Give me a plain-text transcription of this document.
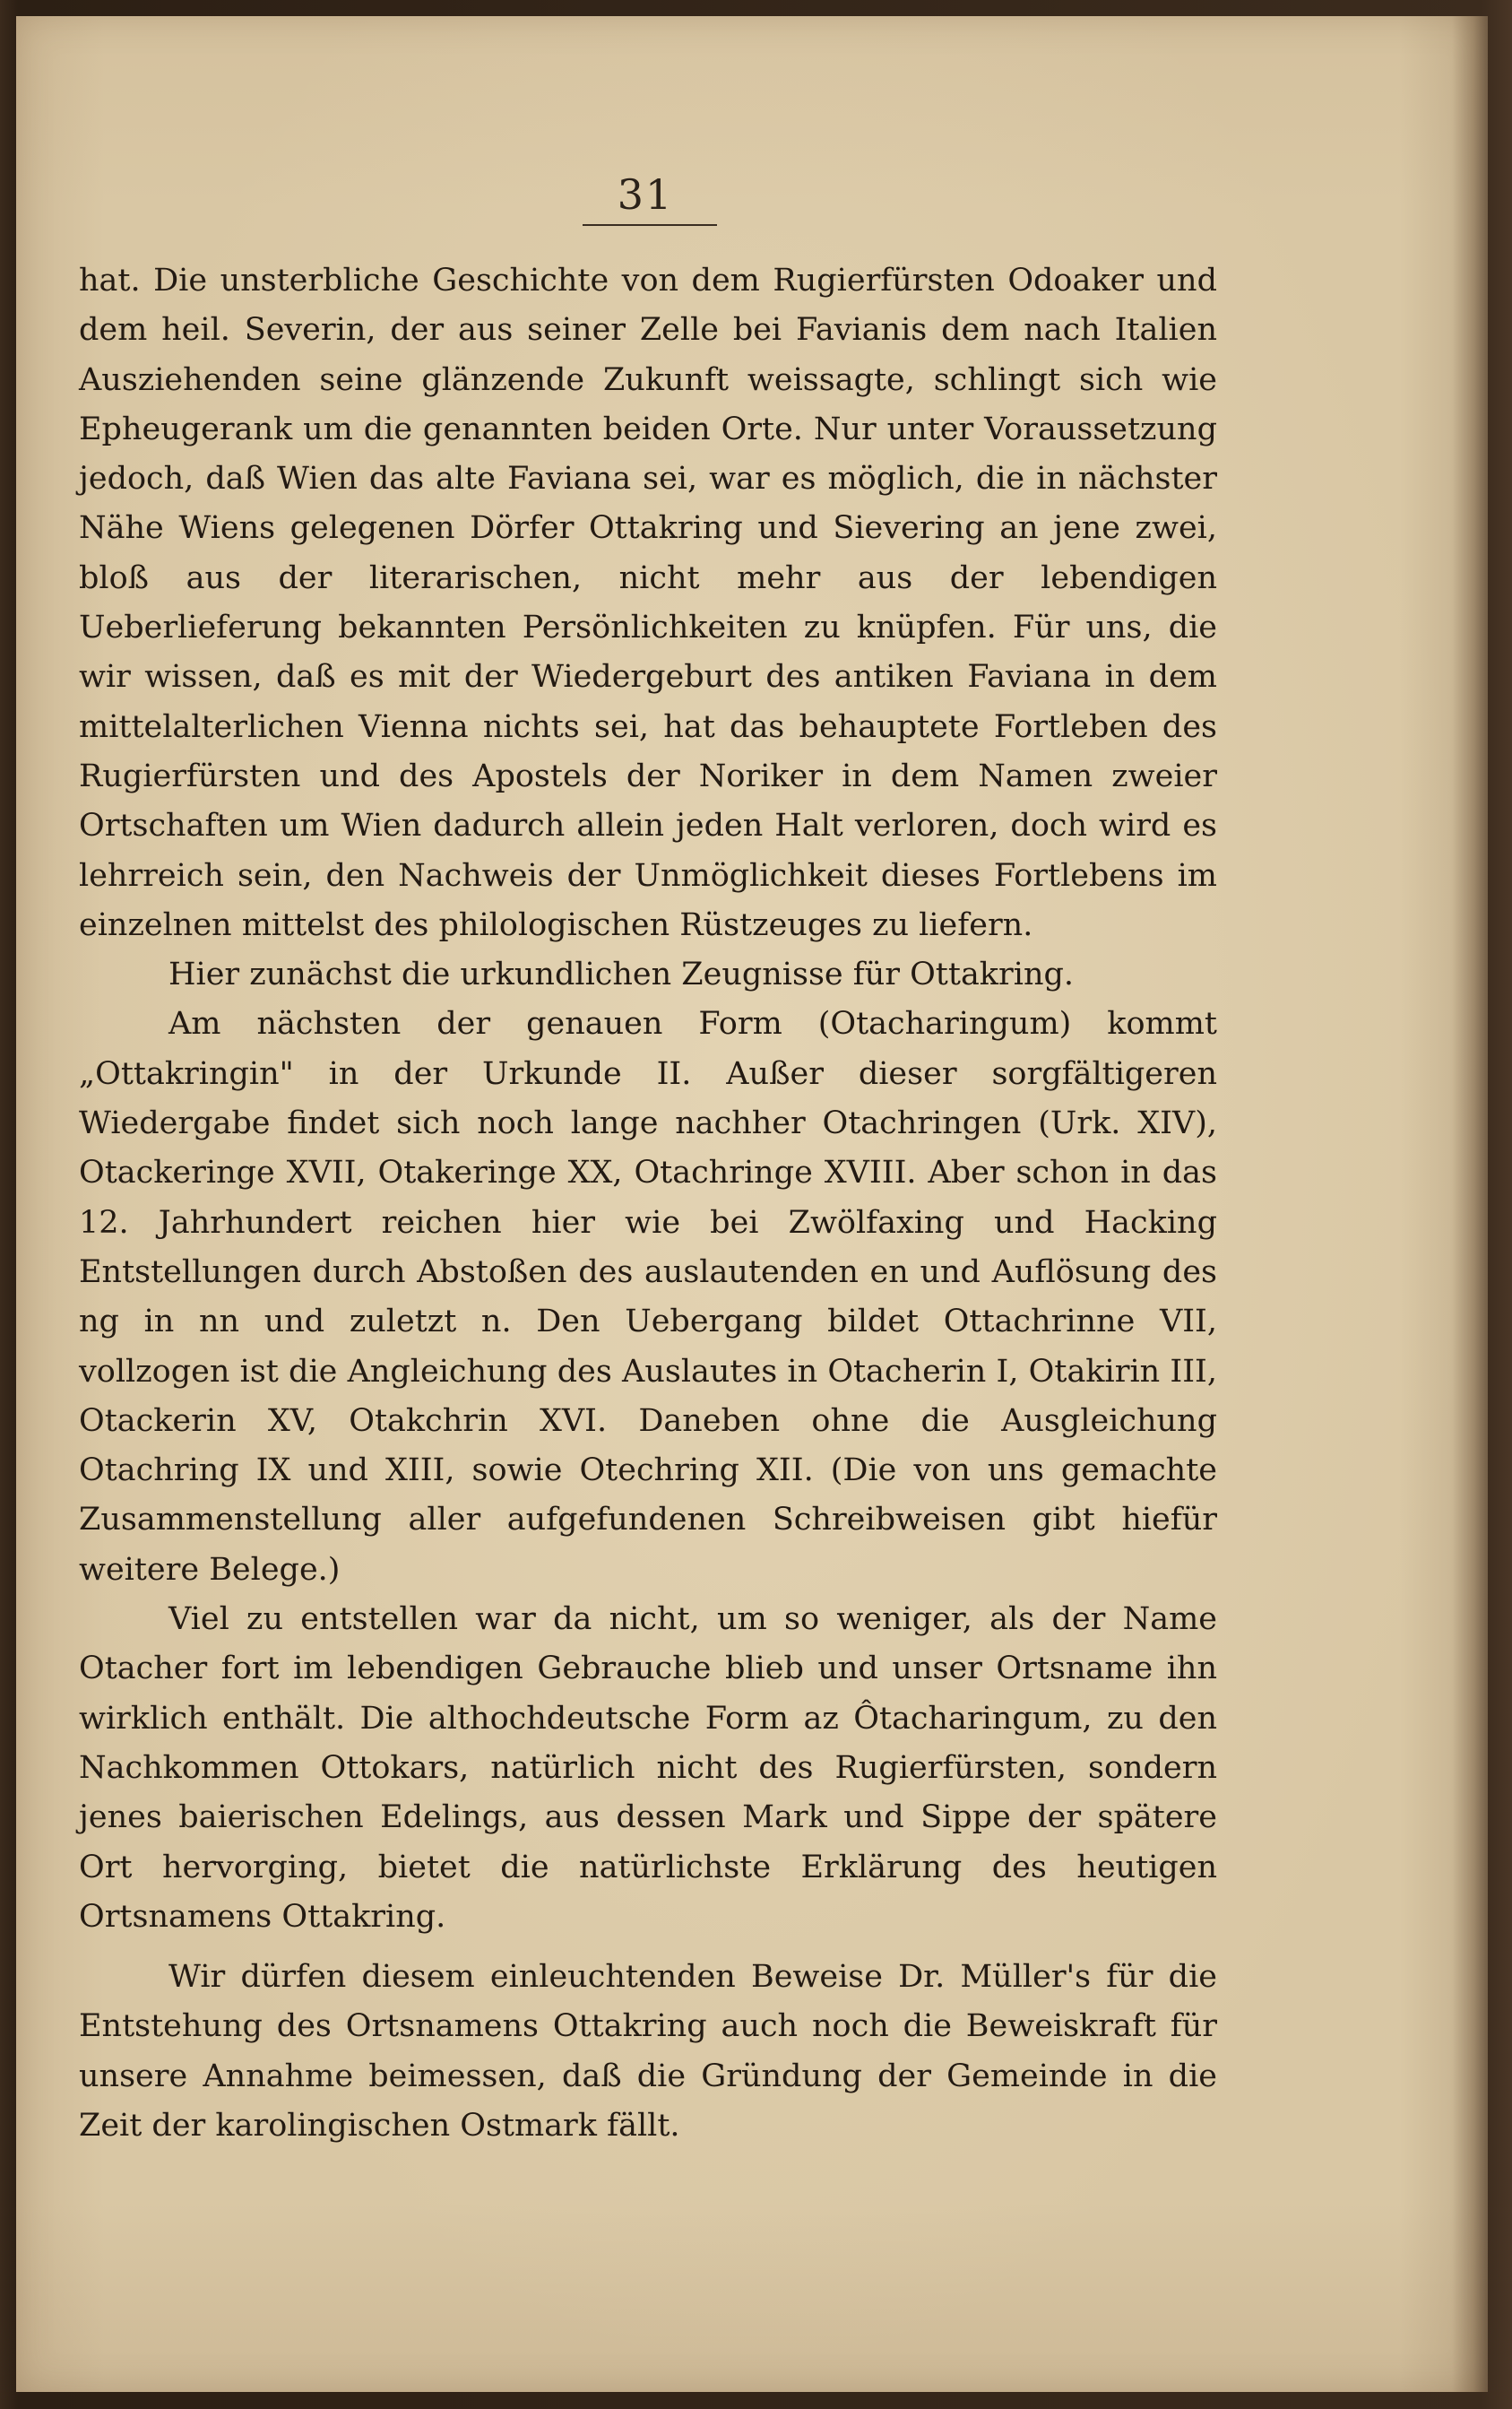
31

hat. Die unsterbliche Geschichte von dem Rugierfürsten Odoaker und dem heil. Severin, der aus seiner Zelle bei Favianis dem nach Italien Ausziehenden seine glänzende Zukunft weissagte, schlingt sich wie Epheugerank um die genannten beiden Orte. Nur unter Voraussetzung jedoch, daß Wien das alte Faviana sei, war es möglich, die in nächster Nähe Wiens gelegenen Dörfer Ottakring und Sievering an jene zwei, bloß aus der literarischen, nicht mehr aus der lebendigen Ueberlieferung bekannten Persönlichkeiten zu knüpfen. Für uns, die wir wissen, daß es mit der Wiedergeburt des antiken Faviana in dem mittelalterlichen Vienna nichts sei, hat das behauptete Fortleben des Rugierfürsten und des Apostels der Noriker in dem Namen zweier Ortschaften um Wien dadurch allein jeden Halt verloren, doch wird es lehrreich sein, den Nachweis der Unmöglichkeit dieses Fortlebens im einzelnen mittelst des philologischen Rüstzeuges zu liefern.

Hier zunächst die urkundlichen Zeugnisse für Ottakring.

Am nächsten der genauen Form (Otacharingum) kommt „Ottakringin" in der Urkunde II. Außer dieser sorgfältigeren Wiedergabe findet sich noch lange nachher Otachringen (Urk. XIV), Otackeringe XVII, Otakeringe XX, Otachringe XVIII. Aber schon in das 12. Jahrhundert reichen hier wie bei Zwölfaxing und Hacking Entstellungen durch Abstoßen des auslautenden en und Auflösung des ng in nn und zuletzt n. Den Uebergang bildet Ottachrinne VII, vollzogen ist die Angleichung des Auslautes in Otacherin I, Otakirin III, Otackerin XV, Otakchrin XVI. Daneben ohne die Ausgleichung Otachring IX und XIII, sowie Otechring XII. (Die von uns gemachte Zusammenstellung aller aufgefundenen Schreibweisen gibt hiefür weitere Belege.)

Viel zu entstellen war da nicht, um so weniger, als der Name Otacher fort im lebendigen Gebrauche blieb und unser Ortsname ihn wirklich enthält. Die althochdeutsche Form az Ôtacharingum, zu den Nachkommen Ottokars, natürlich nicht des Rugierfürsten, sondern jenes baierischen Edelings, aus dessen Mark und Sippe der spätere Ort hervorging, bietet die natürlichste Erklärung des heutigen Ortsnamens Ottakring.

Wir dürfen diesem einleuchtenden Beweise Dr. Müller's für die Entstehung des Ortsnamens Ottakring auch noch die Beweiskraft für unsere Annahme beimessen, daß die Gründung der Gemeinde in die Zeit der karolingischen Ostmark fällt.
